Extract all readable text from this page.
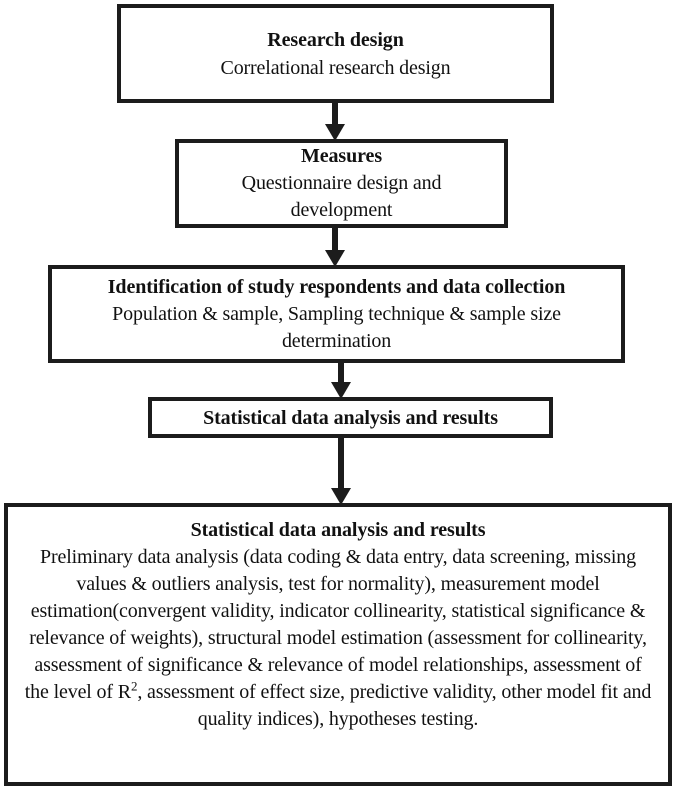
Research design
Correlational research design
Measures
Questionnaire design and development
Identification of study respondents and data collection
Population & sample, Sampling technique & sample size determination
Statistical data analysis and results
Statistical data analysis and results
Preliminary data analysis (data coding & data entry, data screening, missing values & outliers analysis, test for normality), measurement model estimation(convergent validity, indicator collinearity, statistical significance & relevance of weights), structural model estimation (assessment for collinearity, assessment of significance & relevance of model relationships, assessment of the level of $R^2$, assessment of effect size, predictive validity, other model fit and quality indices), hypotheses testing.
